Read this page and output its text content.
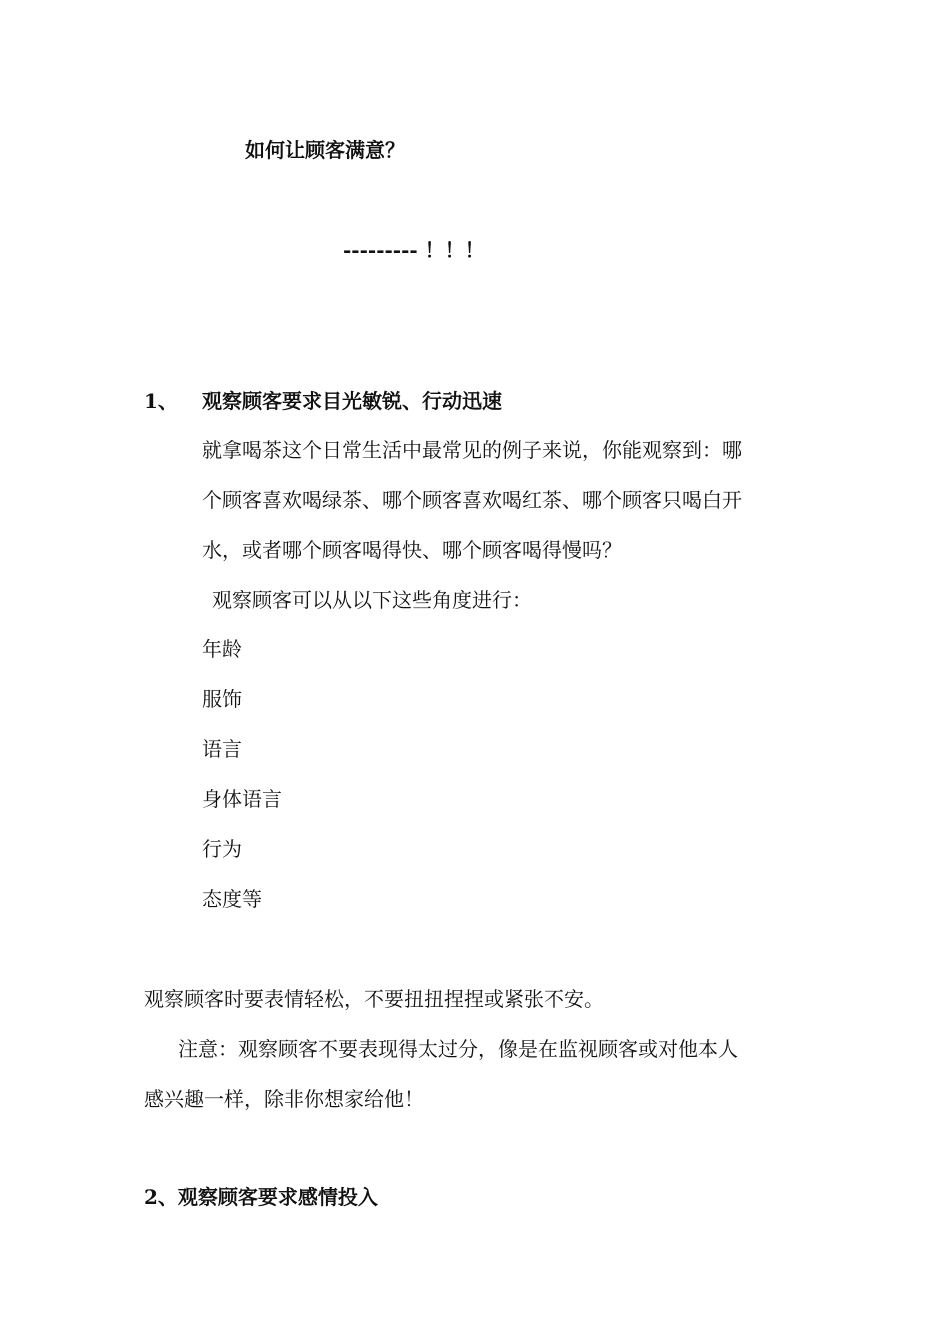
如何让顾客满意？
--------- ！！！
1、 观察顾客要求目光敏锐、行动迅速
就拿喝茶这个日常生活中最常见的例子来说，你能观察到：哪
个顾客喜欢喝绿茶、哪个顾客喜欢喝红茶、哪个顾客只喝白开
水，或者哪个顾客喝得快、哪个顾客喝得慢吗？
观察顾客可以从以下这些角度进行：
年龄
服饰
语言
身体语言
行为
态度等
观察顾客时要表情轻松，不要扭扭捏捏或紧张不安。
注意：观察顾客不要表现得太过分，像是在监视顾客或对他本人
感兴趣一样，除非你想家给他！
2、观察顾客要求感情投入
